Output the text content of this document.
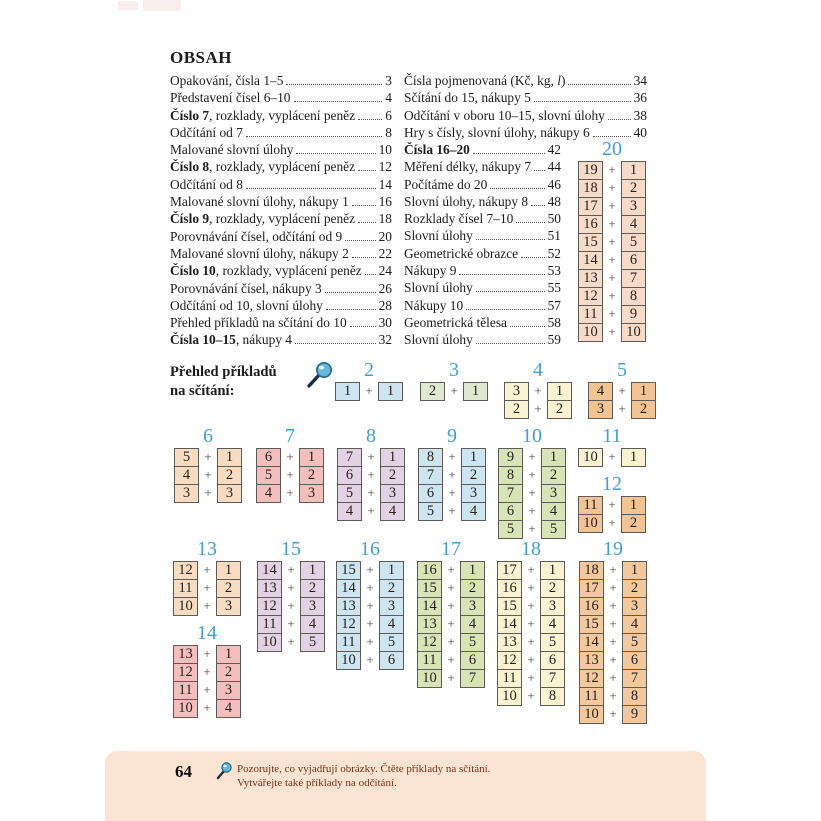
OBSAH
Opakování, čísla 1–5	3
Představení čísel 6–10	4
Číslo 7, rozklady, vyplácení peněz 6
Odčítání od 7	8
Malované slovní úlohy	10
Číslo 8, rozklady, vyplácení peněz 12
Odčítání od 8	14
Malované slovní úlohy, nákupy 1 16
Číslo 9, rozklady, vyplácení peněz 18
Porovnávání čísel, odčítání od 9	20
Malované slovní úlohy, nákupy 2 22
Číslo 10, rozklady, vyplácení peněz 24
Porovnávání čísel, nákupy 3	26
Odčítání od 10, slovní úlohy	28
Přehled příkladů na sčítání do 10 30
Čísla 10–15, nákupy 4	32
Čísla pojmenovaná (Kč, kg, l)	34
Sčítání do 15, nákupy 5	36
Odčítání v oboru 10–15, slovní úlohy 38
Hry s čísly, slovní úlohy, nákupy 6	40
Čísla 16–20	42
Měření délky, nákupy 7 44
Počítáme do 20	46
Slovní úlohy, nákupy 8 48
Rozklady čísel 7–10	50
Slovní úlohy	51
Geometrické obrazce 52
Nákupy 9	53
Slovní úlohy	55
Nákupy 10	57
Geometrická tělesa	58
Slovní úlohy	59
Přehled příkladů
na sčítání:
2
1	+ 1
3
2	+ 1
4
3	+ 1
2	+ 2
5
4	+ 1
3	+ 2
6
5	+ 1
4	+ 2
3	+ 3
7
6	+ 1
5	+ 2
4	+ 3
8
7	+ 1
6	+ 2
5	+ 3
4	+ 4
9
8	+ 1
7	+ 2
6	+ 3
5	+ 4
10
9	+ 1
8	+ 2
7	+ 3
6	+ 4
5	+ 5
11
10 + 1
12
11 + 1
10 + 2
13
12 + 1
11 + 2
10 + 3
14
13 + 1
12 + 2
11 + 3
10 + 4
15
14 + 1
13 + 2
12 + 3
11 + 4
10 + 5
16
15 + 1
14 + 2
13 + 3
12 + 4
11 + 5
10 + 6
17
16 + 1
15 + 2
14 + 3
13 + 4
12 + 5
11 + 6
10 + 7
18
17 + 1
16 + 2
15 + 3
14 + 4
13 + 5
12 + 6
11 + 7
10 + 8
19
18 + 1
17 + 2
16 + 3
15 + 4
14 + 5
13 + 6
12 + 7
11 + 8
10 + 9
20
19 + 1
18 + 2
17 + 3
16 + 4
15 + 5
14 + 6
13 + 7
12 + 8
11 + 9
10 + 10
64	Pozorujte, co vyjadřují obrázky. Čtěte příklady na sčítání.
Vytvářejte také příklady na odčítání.
